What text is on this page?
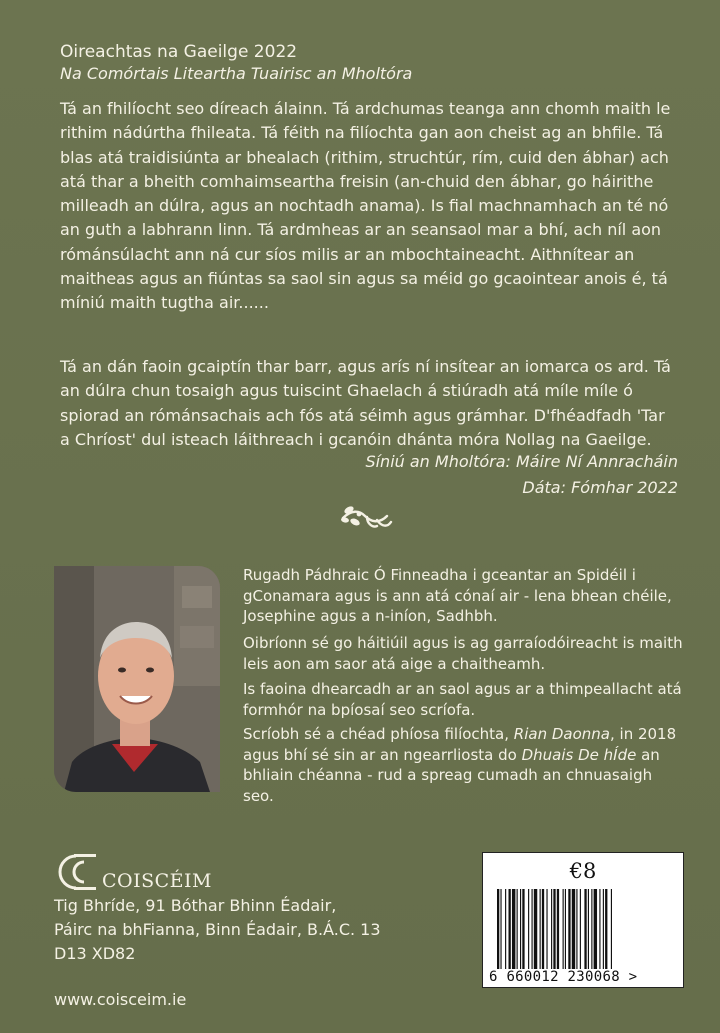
Oireachtas na Gaeilge 2022
Na Comórtais Liteartha Tuairisc an Mholtóra
Tá an fhilíocht seo díreach álainn. Tá ardchumas teanga ann chomh maith le rithim nádúrtha fhileata. Tá féith na filíochta gan aon cheist ag an bhfile. Tá blas atá traidisiúnta ar bhealach (rithim, struchtúr, rím, cuid den ábhar) ach atá thar a bheith comhaimseartha freisin (an-chuid den ábhar, go háirithe milleadh an dúlra, agus an nochtadh anama). Is fial machnamhach an té nó an guth a labhrann linn. Tá ardmheas ar an seansaol mar a bhí, ach níl aon rómánsúlacht ann ná cur síos milis ar an mbochtaineacht. Aithnítear an maitheas agus an fiúntas sa saol sin agus sa méid go gcaointear anois é, tá míniú maith tugtha air......
Tá an dán faoin gcaiptín thar barr, agus arís ní insítear an iomarca os ard. Tá an dúlra chun tosaigh agus tuiscint Ghaelach á stiúradh atá míle míle ó spiorad an rómánsachais ach fós atá séimh agus grámhar. D'fhéadfadh 'Tar a Chríost' dul isteach láithreach i gcanóin dhánta móra Nollag na Gaeilge.
Síniú an Mholtóra: Máire Ní Annracháin
Dáta: Fómhar 2022
Rugadh Pádhraic Ó Finneadha i gceantar an Spidéil i gConamara agus is ann atá cónaí air - lena bhean chéile, Josephine agus a n-iníon, Sadhbh.
Oibríonn sé go háitiúil agus is ag garraíodóireacht is maith leis aon am saor atá aige a chaitheamh.
Is faoina dhearcadh ar an saol agus ar a thimpeallacht atá formhór na bpíosaí seo scríofa.
Scríobh sé a chéad phíosa filíochta, Rian Daonna, in 2018 agus bhí sé sin ar an ngearrliosta do Dhuais De hÍde an bhliain chéanna - rud a spreag cumadh an chnuasaigh seo.
COISCÉIM
Tig Bhríde, 91 Bóthar Bhinn Éadair,
Páirc na bhFianna, Binn Éadair, B.Á.C. 13
D13 XD82
www.coisceim.ie
€8
6 660012 230068 >
